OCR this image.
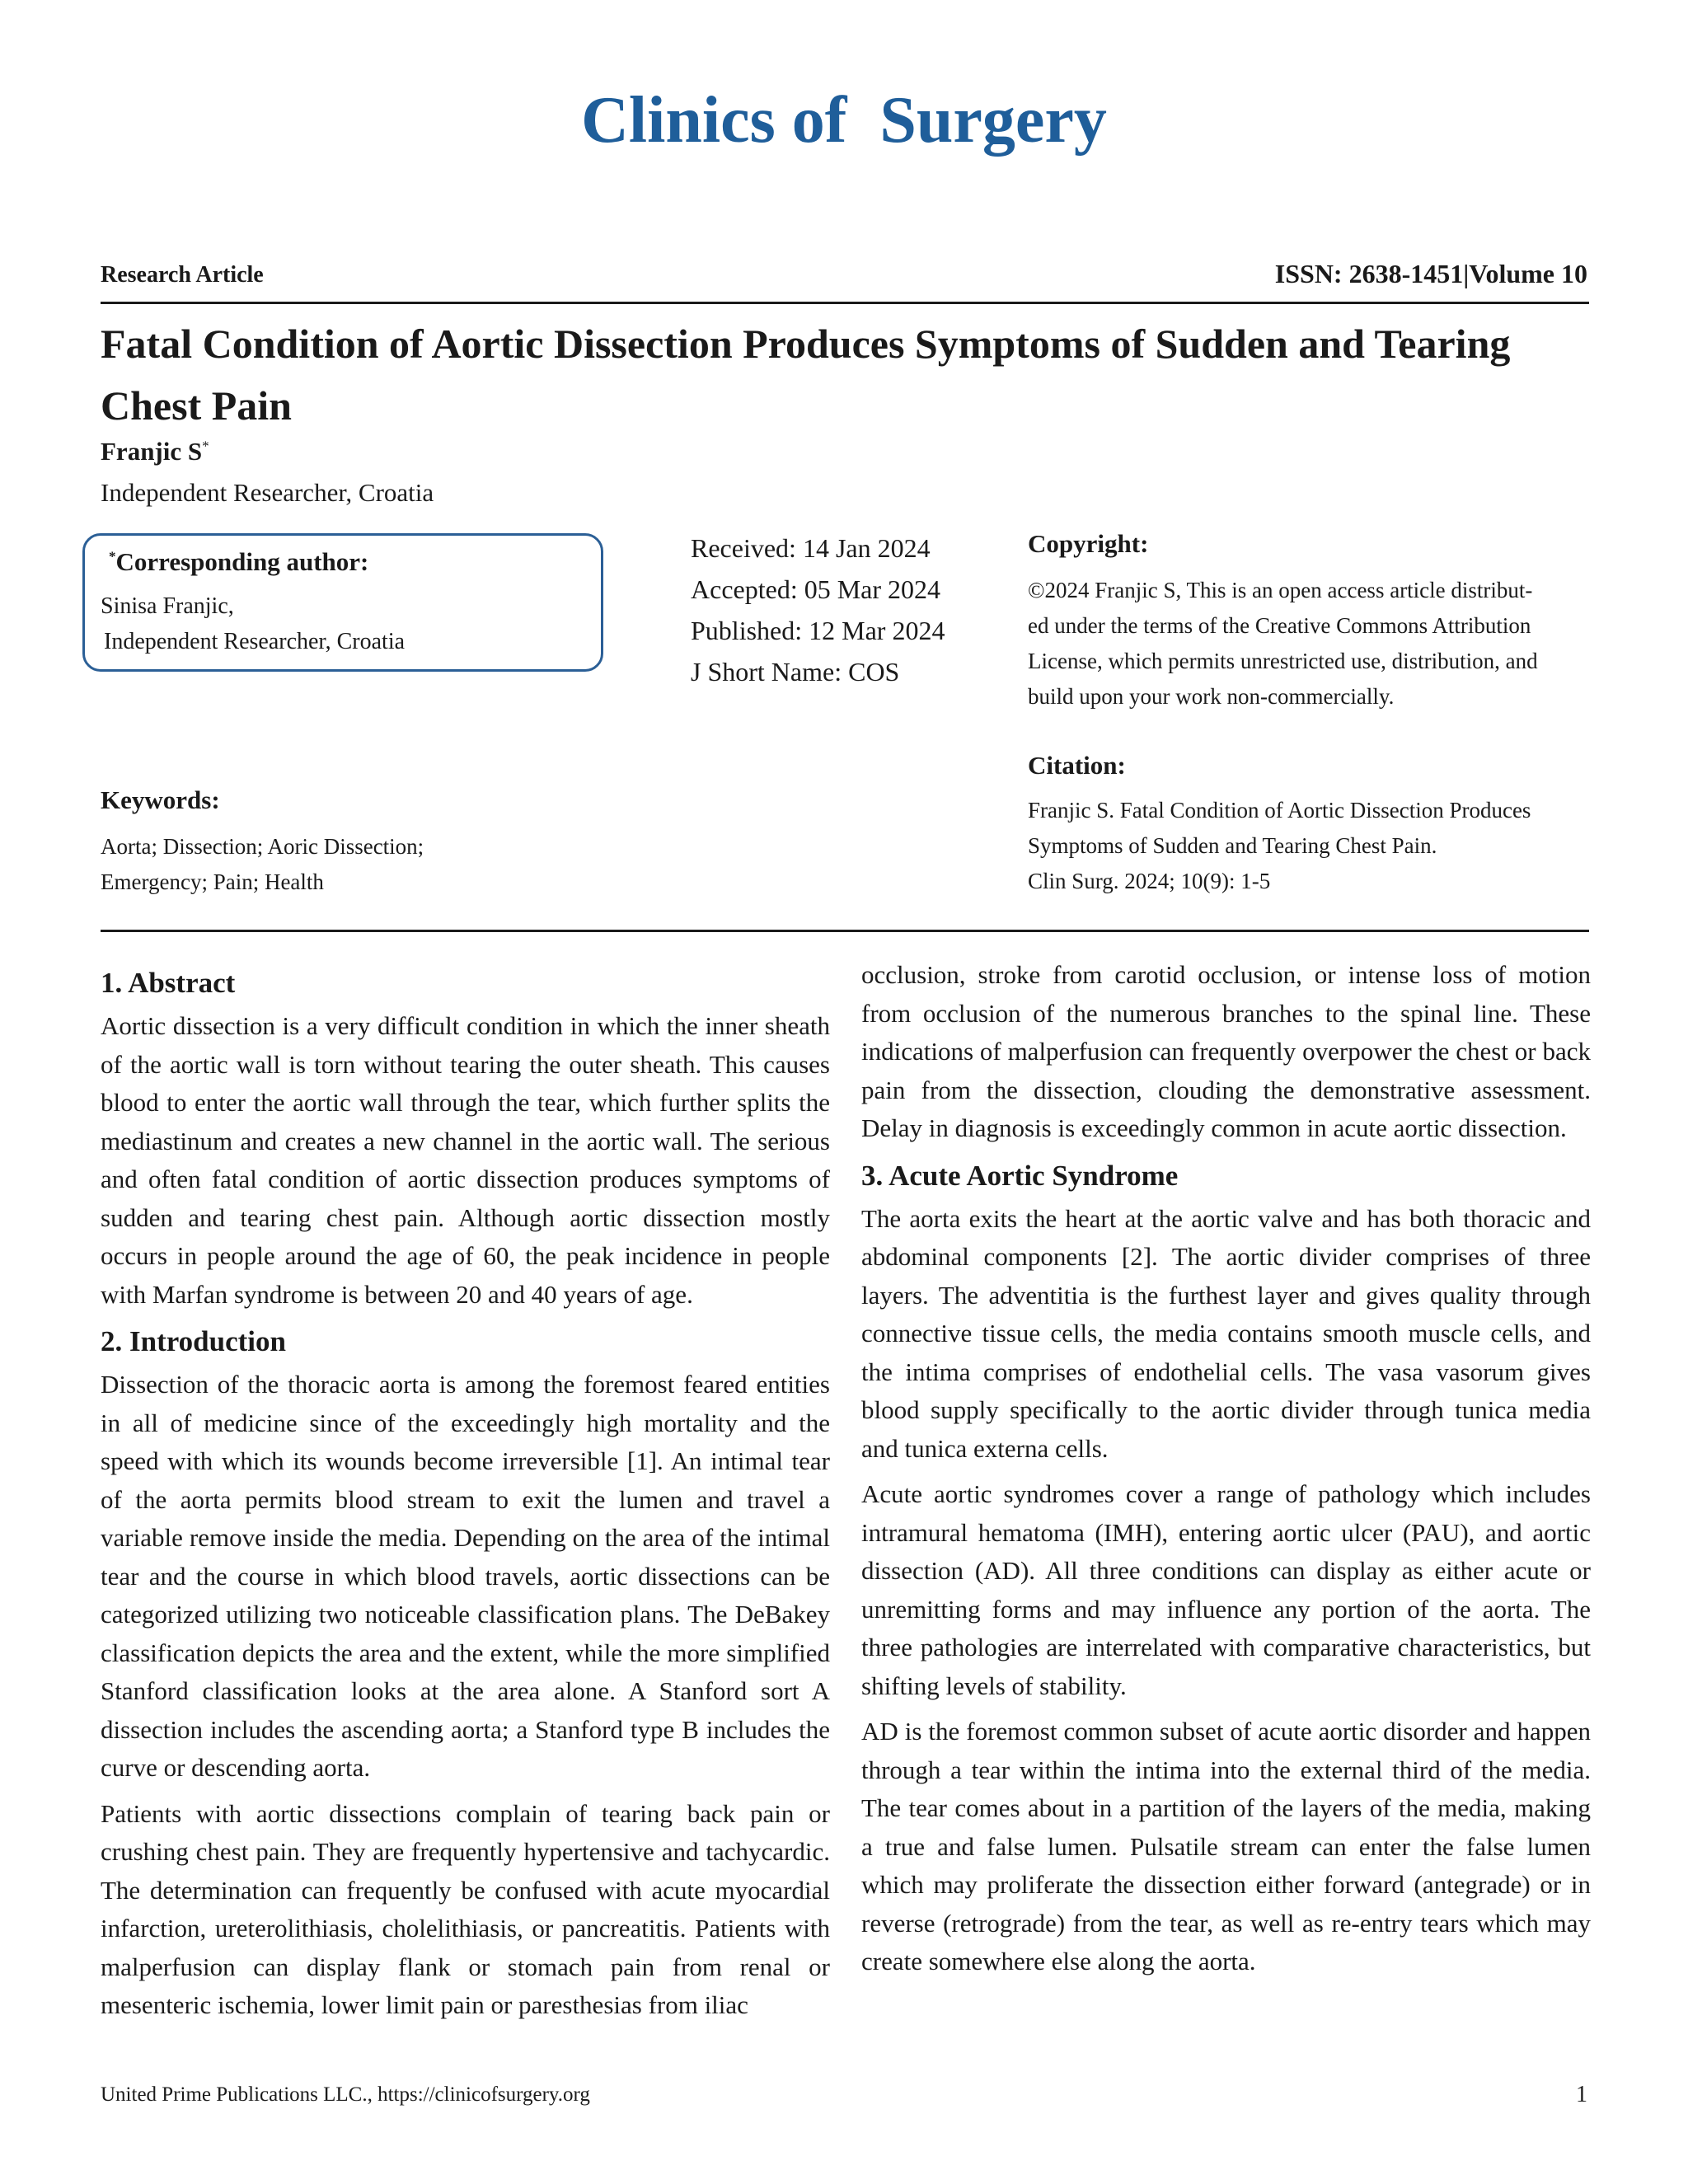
Clinics of  Surgery
Research Article	ISSN: 2638-1451|Volume 10
Fatal Condition of Aortic Dissection Produces Symptoms of Sudden and Tearing Chest Pain
Franjic S*
Independent Researcher, Croatia
*Corresponding author:
Sinisa Franjic,
Independent Researcher, Croatia
Received: 14 Jan 2024
Accepted: 05 Mar 2024
Published: 12 Mar 2024
J Short Name: COS
Copyright:
©2024 Franjic S, This is an open access article distribut-
ed under the terms of the Creative Commons Attribution
License, which permits unrestricted use, distribution, and
build upon your work non-commercially.
Citation:
Franjic S. Fatal Condition of Aortic Dissection Produces
Symptoms of Sudden and Tearing Chest Pain.
Clin Surg. 2024; 10(9): 1-5
Keywords:
Aorta; Dissection; Aoric Dissection;
Emergency; Pain; Health
1. Abstract

Aortic dissection is a very difficult condition in which the inner sheath of the aortic wall is torn without tearing the outer sheath. This causes blood to enter the aortic wall through the tear, which further splits the mediastinum and creates a new channel in the aortic wall. The serious and often fatal condition of aortic dissection produces symptoms of sudden and tearing chest pain. Although aortic dissection mostly occurs in people around the age of 60, the peak incidence in people with Marfan syndrome is between 20 and 40 years of age.

2. Introduction

Dissection of the thoracic aorta is among the foremost feared entities in all of medicine since of the exceedingly high mortality and the speed with which its wounds become irreversible [1]. An intimal tear of the aorta permits blood stream to exit the lumen and travel a variable remove inside the media. Depending on the area of the intimal tear and the course in which blood travels, aortic dissections can be categorized utilizing two noticeable classification plans. The DeBakey classification depicts the area and the extent, while the more simplified Stanford classification looks at the area alone. A Stanford sort A dissection includes the ascending aorta; a Stanford type B includes the curve or descending aorta.

Patients with aortic dissections complain of tearing back pain or crushing chest pain. They are frequently hypertensive and tachycardic. The determination can frequently be confused with acute myocardial infarction, ureterolithiasis, cholelithiasis, or pancreatitis. Patients with malperfusion can display flank or stomach pain from renal or mesenteric ischemia, lower limit pain or paresthesias from iliac

occlusion, stroke from carotid occlusion, or intense loss of motion from occlusion of the numerous branches to the spinal line. These indications of malperfusion can frequently overpower the chest or back pain from the dissection, clouding the demonstrative assessment. Delay in diagnosis is exceedingly common in acute aortic dissection.

3. Acute Aortic Syndrome

The aorta exits the heart at the aortic valve and has both thoracic and abdominal components [2]. The aortic divider comprises of three layers. The adventitia is the furthest layer and gives quality through connective tissue cells, the media contains smooth muscle cells, and the intima comprises of endothelial cells. The vasa vasorum gives blood supply specifically to the aortic divider through tunica media and tunica externa cells.

Acute aortic syndromes cover a range of pathology which includes intramural hematoma (IMH), entering aortic ulcer (PAU), and aortic dissection (AD). All three conditions can display as either acute or unremitting forms and may influence any portion of the aorta. The three pathologies are interrelated with comparative characteristics, but shifting levels of stability.

AD is the foremost common subset of acute aortic disorder and happen through a tear within the intima into the external third of the media. The tear comes about in a partition of the layers of the media, making a true and false lumen. Pulsatile stream can enter the false lumen which may proliferate the dissection either forward (antegrade) or in reverse (retrograde) from the tear, as well as re-entry tears which may create somewhere else along the aorta.

United Prime Publications LLC., https://clinicofsurgery.org	1
